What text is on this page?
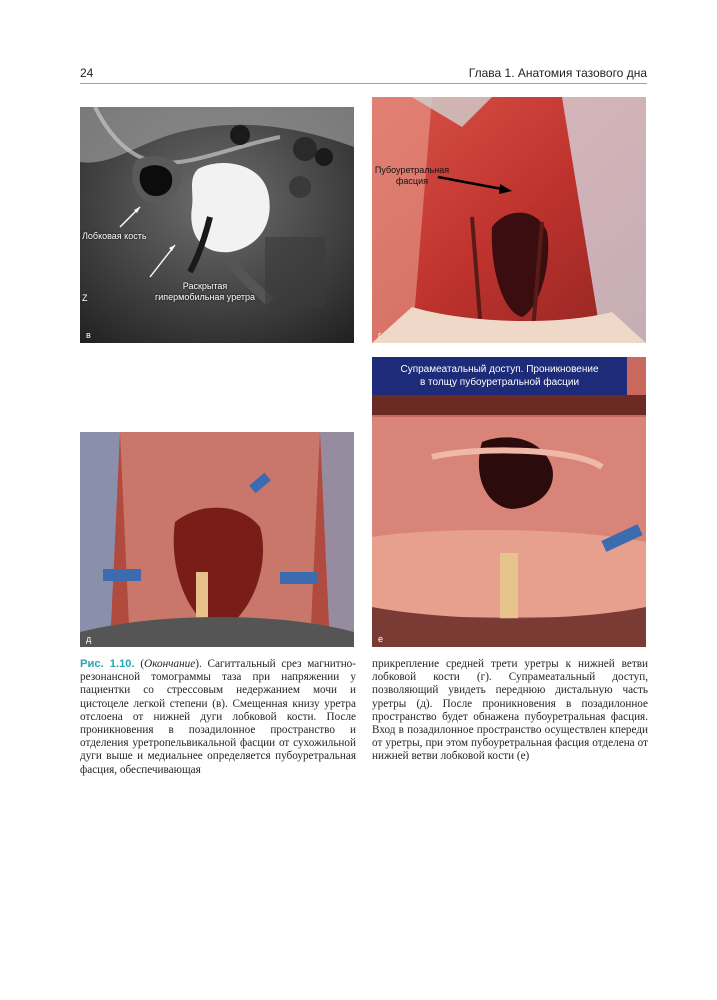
24	Глава 1. Анатомия тазового дна
Лобковая кость
Раскрытая
гипермобильная уретра
Z
в
Пубоуретральная
фасция
г
д
Супрамеатальный доступ. Проникновение
в толщу пубоуретральной фасции
е
Рис. 1.10. (Окончание). Сагиттальный срез магнитно-резонансной томограммы таза при напряжении у пациентки со стрессовым недержанием мочи и цистоцеле легкой степени (в). Смещенная книзу уретра отслоена от нижней дуги лобковой кости. После проникновения в позадилонное пространство и отделения уретропельвикальной фасции от сухожильной дуги выше и медиальнее определяется пубоуретральная фасция, обеспечивающая
прикрепление средней трети уретры к нижней ветви лобковой кости (г). Супрамеатальный доступ, позволяющий увидеть переднюю дистальную часть уретры (д). После проникновения в позадилонное пространство будет обнажена пубоуретральная фасция. Вход в позадилонное пространство осуществлен кпереди от уретры, при этом пубоуретральная фасция отделена от нижней ветви лобковой кости (е)
